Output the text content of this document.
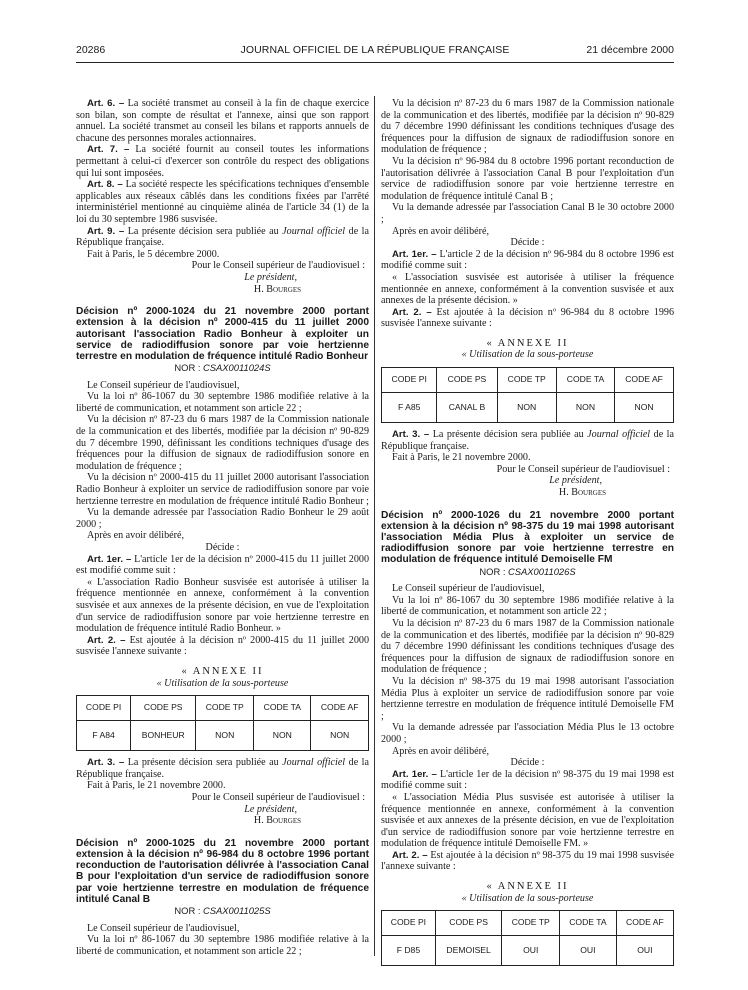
20286	JOURNAL OFFICIEL DE LA RÉPUBLIQUE FRANÇAISE	21 décembre 2000

Art. 6. – La société transmet au conseil à la fin de chaque exercice son bilan, son compte de résultat et l'annexe, ainsi que son rapport annuel. La société transmet au conseil les bilans et rapports annuels de chacune des personnes morales actionnaires.

Art. 7. – La société fournit au conseil toutes les informations permettant à celui-ci d'exercer son contrôle du respect des obligations qui lui sont imposées.

Art. 8. – La société respecte les spécifications techniques d'ensemble applicables aux réseaux câblés dans les conditions fixées par l'arrêté interministériel mentionné au cinquième alinéa de l'article 34 (1) de la loi du 30 septembre 1986 susvisée.

Art. 9. – La présente décision sera publiée au Journal officiel de la République française.

Fait à Paris, le 5 décembre 2000.

Pour le Conseil supérieur de l'audiovisuel :

Le président,

H. Bourges

Décision nº 2000-1024 du 21 novembre 2000 portant extension à la décision nº 2000-415 du 11 juillet 2000 autorisant l'association Radio Bonheur à exploiter un service de radiodiffusion sonore par voie hertzienne terrestre en modulation de fréquence intitulé Radio Bonheur

NOR : CSAX0011024S

Le Conseil supérieur de l'audiovisuel,

Vu la loi nº 86-1067 du 30 septembre 1986 modifiée relative à la liberté de communication, et notamment son article 22 ;

Vu la décision nº 87-23 du 6 mars 1987 de la Commission nationale de la communication et des libertés, modifiée par la décision nº 90-829 du 7 décembre 1990, définissant les conditions techniques d'usage des fréquences pour la diffusion de signaux de radiodiffusion sonore en modulation de fréquence ;

Vu la décision nº 2000-415 du 11 juillet 2000 autorisant l'association Radio Bonheur à exploiter un service de radiodiffusion sonore par voie hertzienne terrestre en modulation de fréquence intitulé Radio Bonheur ;

Vu la demande adressée par l'association Radio Bonheur le 29 août 2000 ;

Après en avoir délibéré,

Décide :

Art. 1er. – L'article 1er de la décision nº 2000-415 du 11 juillet 2000 est modifié comme suit :

« L'association Radio Bonheur susvisée est autorisée à utiliser la fréquence mentionnée en annexe, conformément à la convention susvisée et aux annexes de la présente décision, en vue de l'exploitation d'un service de radiodiffusion sonore par voie hertzienne terrestre en modulation de fréquence intitulé Radio Bonheur. »

Art. 2. – Est ajoutée à la décision nº 2000-415 du 11 juillet 2000 susvisée l'annexe suivante :

« ANNEXE II

« Utilisation de la sous-porteuse

CODE PI	CODE PS	CODE TP	CODE TA	CODE AF
F A84	BONHEUR	NON	NON	NON

Art. 3. – La présente décision sera publiée au Journal officiel de la République française.

Fait à Paris, le 21 novembre 2000.

Pour le Conseil supérieur de l'audiovisuel :

Le président,

H. Bourges

Décision nº 2000-1025 du 21 novembre 2000 portant extension à la décision nº 96-984 du 8 octobre 1996 portant reconduction de l'autorisation délivrée à l'association Canal B pour l'exploitation d'un service de radiodiffusion sonore par voie hertzienne terrestre en modulation de fréquence intitulé Canal B

NOR : CSAX0011025S

Le Conseil supérieur de l'audiovisuel,

Vu la loi nº 86-1067 du 30 septembre 1986 modifiée relative à la liberté de communication, et notamment son article 22 ;

Vu la décision nº 87-23 du 6 mars 1987 de la Commission nationale de la communication et des libertés, modifiée par la décision nº 90-829 du 7 décembre 1990 définissant les conditions techniques d'usage des fréquences pour la diffusion de signaux de radiodiffusion sonore en modulation de fréquence ;

Vu la décision nº 96-984 du 8 octobre 1996 portant reconduction de l'autorisation délivrée à l'association Canal B pour l'exploitation d'un service de radiodiffusion sonore par voie hertzienne terrestre en modulation de fréquence intitulé Canal B ;

Vu la demande adressée par l'association Canal B le 30 octobre 2000 ;

Après en avoir délibéré,

Décide :

Art. 1er. – L'article 2 de la décision nº 96-984 du 8 octobre 1996 est modifié comme suit :

« L'association susvisée est autorisée à utiliser la fréquence mentionnée en annexe, conformément à la convention susvisée et aux annexes de la présente décision. »

Art. 2. – Est ajoutée à la décision nº 96-984 du 8 octobre 1996 susvisée l'annexe suivante :

« ANNEXE II

« Utilisation de la sous-porteuse

CODE PI	CODE PS	CODE TP	CODE TA	CODE AF
F A85	CANAL B	NON	NON	NON

Art. 3. – La présente décision sera publiée au Journal officiel de la République française.

Fait à Paris, le 21 novembre 2000.

Pour le Conseil supérieur de l'audiovisuel :

Le président,

H. Bourges

Décision nº 2000-1026 du 21 novembre 2000 portant extension à la décision nº 98-375 du 19 mai 1998 autorisant l'association Média Plus à exploiter un service de radiodiffusion sonore par voie hertzienne terrestre en modulation de fréquence intitulé Demoiselle FM

NOR : CSAX0011026S

Le Conseil supérieur de l'audiovisuel,

Vu la loi nº 86-1067 du 30 septembre 1986 modifiée relative à la liberté de communication, et notamment son article 22 ;

Vu la décision nº 87-23 du 6 mars 1987 de la Commission nationale de la communication et des libertés, modifiée par la décision nº 90-829 du 7 décembre 1990 définissant les conditions techniques d'usage des fréquences pour la diffusion de signaux de radiodiffusion sonore en modulation de fréquence ;

Vu la décision nº 98-375 du 19 mai 1998 autorisant l'association Média Plus à exploiter un service de radiodiffusion sonore par voie hertzienne terrestre en modulation de fréquence intitulé Demoiselle FM ;

Vu la demande adressée par l'association Média Plus le 13 octobre 2000 ;

Après en avoir délibéré,

Décide :

Art. 1er. – L'article 1er de la décision nº 98-375 du 19 mai 1998 est modifié comme suit :

« L'association Média Plus susvisée est autorisée à utiliser la fréquence mentionnée en annexe, conformément à la convention susvisée et aux annexes de la présente décision, en vue de l'exploitation d'un service de radiodiffusion sonore par voie hertzienne terrestre en modulation de fréquence intitulé Demoiselle FM. »

Art. 2. – Est ajoutée à la décision nº 98-375 du 19 mai 1998 susvisée l'annexe suivante :

« ANNEXE II

« Utilisation de la sous-porteuse

CODE PI	CODE PS	CODE TP	CODE TA	CODE AF
F D85	DEMOISEL	OUI	OUI	OUI
